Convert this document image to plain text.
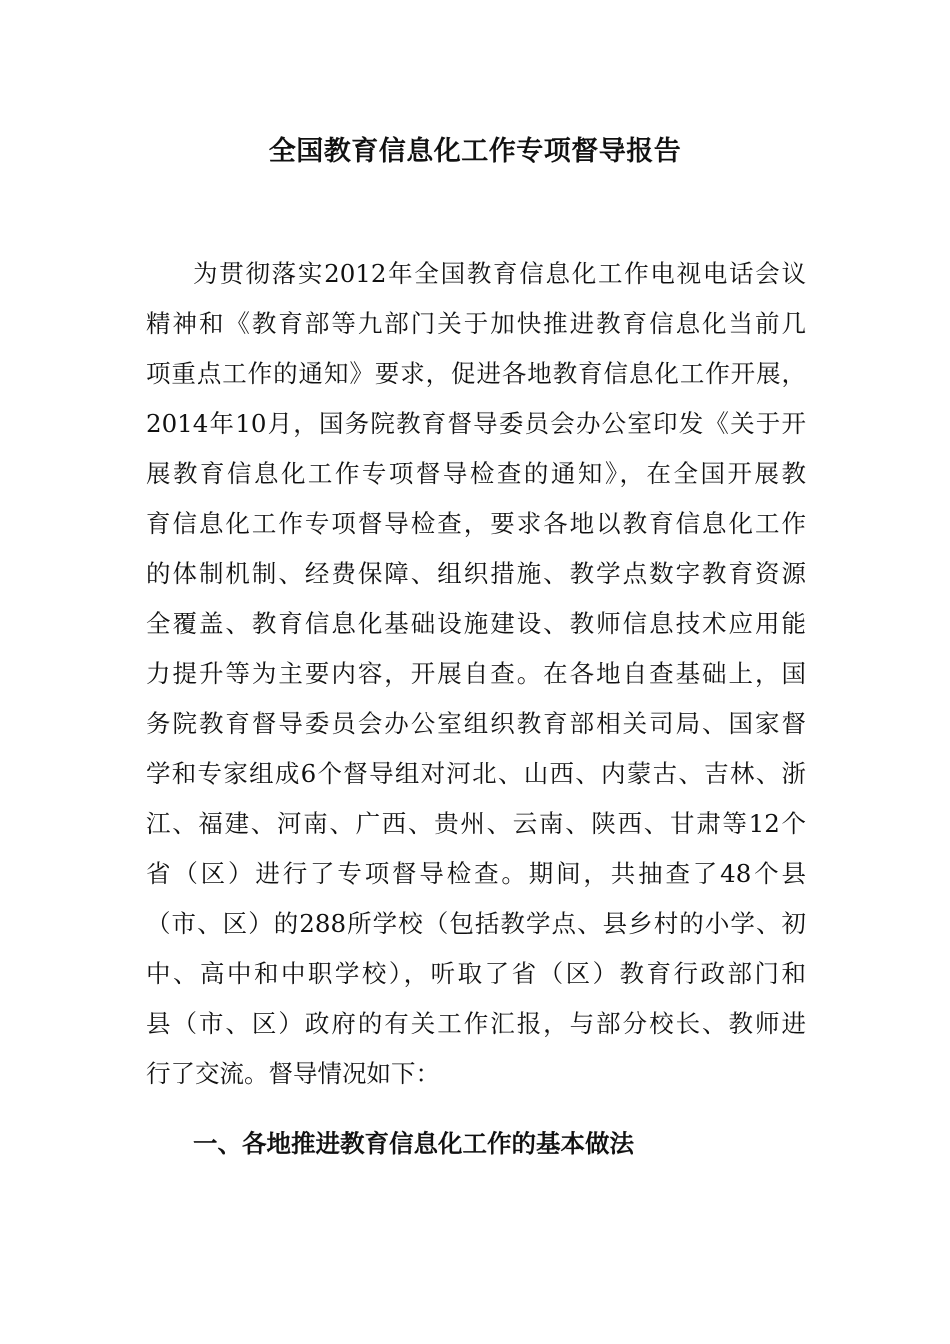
全国教育信息化工作专项督导报告
为贯彻落实2012年全国教育信息化工作电视电话会议
精神和《教育部等九部门关于加快推进教育信息化当前几
项重点工作的通知》要求，促进各地教育信息化工作开展，
2014年10月，国务院教育督导委员会办公室印发《关于开
展教育信息化工作专项督导检查的通知》，在全国开展教
育信息化工作专项督导检查，要求各地以教育信息化工作
的体制机制、经费保障、组织措施、教学点数字教育资源
全覆盖、教育信息化基础设施建设、教师信息技术应用能
力提升等为主要内容，开展自查。在各地自查基础上，国
务院教育督导委员会办公室组织教育部相关司局、国家督
学和专家组成6个督导组对河北、山西、内蒙古、吉林、浙
江、福建、河南、广西、贵州、云南、陕西、甘肃等12个
省（区）进行了专项督导检查。期间，共抽查了48个县
（市、区）的288所学校（包括教学点、县乡村的小学、初
中、高中和中职学校），听取了省（区）教育行政部门和
县（市、区）政府的有关工作汇报，与部分校长、教师进
行了交流。督导情况如下：
一、各地推进教育信息化工作的基本做法
